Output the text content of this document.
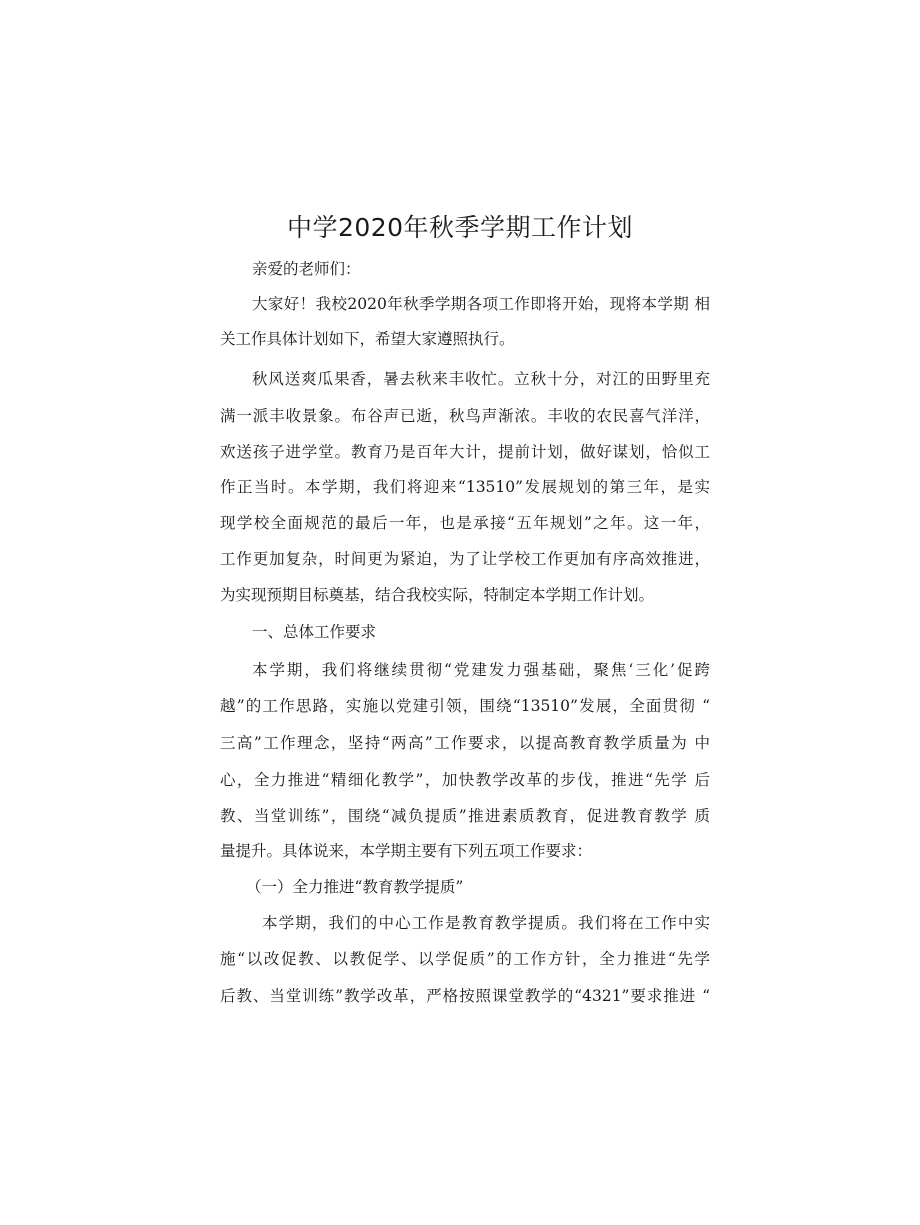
中学2020年秋季学期工作计划
亲爱的老师们：
大家好！我校2020年秋季学期各项工作即将开始，现将本学期 相
关工作具体计划如下，希望大家遵照执行。
秋风送爽瓜果香，暑去秋来丰收忙。立秋十分，对江的田野里充
满一派丰收景象。布谷声已逝，秋鸟声渐浓。丰收的农民喜气洋洋，
欢送孩子进学堂。教育乃是百年大计，提前计划，做好谋划，恰似工
作正当时。本学期，我们将迎来“13510”发展规划的第三年，是实
现学校全面规范的最后一年，也是承接“五年规划”之年。这一年，
工作更加复杂，时间更为紧迫，为了让学校工作更加有序高效推进，
为实现预期目标奠基，结合我校实际，特制定本学期工作计划。
一、总体工作要求
本学期，我们将继续贯彻“党建发力强基础，聚焦‘三化’促跨
越”的工作思路，实施以党建引领，围绕“13510”发展，全面贯彻 “
三高”工作理念，坚持“两高”工作要求，以提高教育教学质量为 中
心，全力推进“精细化教学”，加快教学改革的步伐，推进“先学 后
教、当堂训练”，围绕“减负提质”推进素质教育，促进教育教学 质
量提升。具体说来，本学期主要有下列五项工作要求：
（一）全力推进“教育教学提质”
本学期，我们的中心工作是教育教学提质。我们将在工作中实
施“以改促教、以教促学、以学促质”的工作方针，全力推进“先学
后教、当堂训练”教学改革，严格按照课堂教学的“4321”要求推进 “
